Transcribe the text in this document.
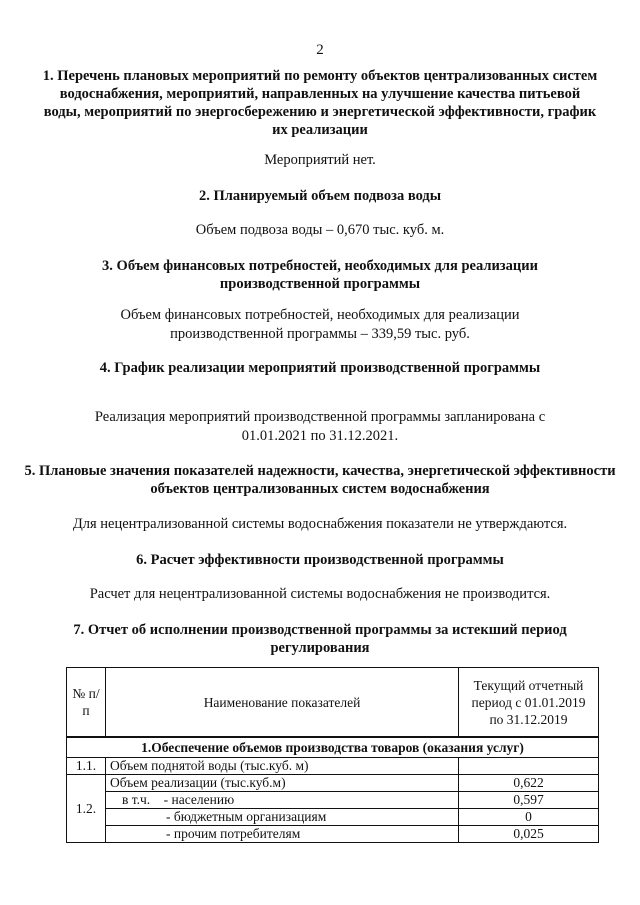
2
1. Перечень плановых мероприятий по ремонту объектов централизованных систем водоснабжения, мероприятий, направленных на улучшение качества питьевой воды, мероприятий по энергосбережению и энергетической эффективности, график их реализации
Мероприятий нет.
2. Планируемый объем подвоза воды
Объем подвоза воды – 0,670 тыс. куб. м.
3. Объем финансовых потребностей, необходимых для реализации производственной программы
Объем финансовых потребностей, необходимых для реализации производственной программы – 339,59 тыс. руб.
4. График реализации мероприятий производственной программы
Реализация мероприятий производственной программы запланирована с 01.01.2021 по 31.12.2021.
5. Плановые значения показателей надежности, качества, энергетической эффективности объектов централизованных систем водоснабжения
Для нецентрализованной системы водоснабжения показатели не утверждаются.
6. Расчет эффективности производственной программы
Расчет для нецентрализованной системы водоснабжения не производится.
7. Отчет об исполнении производственной программы за истекший период регулирования
№ п/п	Наименование показателей	Текущий отчетный период с 01.01.2019 по 31.12.2019
1.Обеспечение объемов производства товаров (оказания услуг)		
1.1.	Объем поднятой воды (тыс.куб. м)	
1.2.	Объем реализации (тыс.куб.м)	0,622
	в т.ч.    - населению	0,597
	- бюджетным организациям	0
	- прочим потребителям	0,025
